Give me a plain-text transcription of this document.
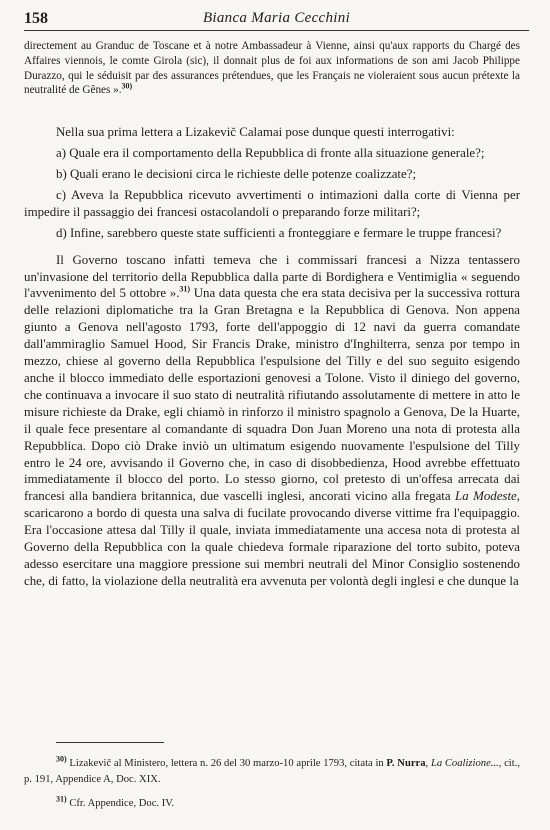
158	Bianca Maria Cecchini

directement au Granduc de Toscane et à notre Ambassadeur à Vienne, ainsi qu'aux rapports du Chargé des Affaires viennois, le comte Girola (sic), il donnait plus de foi aux informations de son ami Jacob Philippe Durazzo, qui le séduisit par des assurances prétendues, que les Français ne violeraient sous aucun prétexte la neutralité de Gênes ».$^{30)}$

Nella sua prima lettera a Lizakevič Calamai pose dunque questi interrogativi:

a) Quale era il comportamento della Repubblica di fronte alla situazione generale?;

b) Quali erano le decisioni circa le richieste delle potenze coalizzate?;

c) Aveva la Repubblica ricevuto avvertimenti o intimazioni dalla corte di Vienna per impedire il passaggio dei francesi ostacolandoli o preparando forze militari?;

d) Infine, sarebbero queste state sufficienti a fronteggiare e fermare le truppe francesi?

Il Governo toscano infatti temeva che i commissari francesi a Nizza tentassero un'invasione del territorio della Repubblica dalla parte di Bordighera e Ventimiglia « seguendo l'avvenimento del 5 ottobre ».$^{31)}$ Una data questa che era stata decisiva per la successiva rottura delle relazioni diplomatiche tra la Gran Bretagna e la Repubblica di Genova. Non appena giunto a Genova nell'agosto 1793, forte dell'appoggio di 12 navi da guerra comandate dall'ammiraglio Samuel Hood, Sir Francis Drake, ministro d'Inghilterra, senza por tempo in mezzo, chiese al governo della Repubblica l'espulsione del Tilly e del suo seguito esigendo anche il blocco immediato delle esportazioni genovesi a Tolone. Visto il diniego del governo, che continuava a invocare il suo stato di neutralità rifiutando assolutamente di mettere in atto le misure richieste da Drake, egli chiamò in rinforzo il ministro spagnolo a Genova, De la Huarte, il quale fece presentare al comandante di squadra Don Juan Moreno una nota di protesta alla Repubblica. Dopo ciò Drake inviò un ultimatum esigendo nuovamente l'espulsione del Tilly entro le 24 ore, avvisando il Governo che, in caso di disobbedienza, Hood avrebbe effettuato immediatamente il blocco del porto. Lo stesso giorno, col pretesto di un'offesa arrecata dai francesi alla bandiera britannica, due vascelli inglesi, ancorati vicino alla fregata La Modeste, scaricarono a bordo di questa una salva di fucilate provocando diverse vittime fra l'equipaggio. Era l'occasione attesa dal Tilly il quale, inviata immediatamente una accesa nota di protesta al Governo della Repubblica con la quale chiedeva formale riparazione del torto subito, poteva adesso esercitare una maggiore pressione sui membri neutrali del Minor Consiglio sostenendo che, di fatto, la violazione della neutralità era avvenuta per volontà degli inglesi e che dunque la

$^{30)}$ Lizakevič al Ministero, lettera n. 26 del 30 marzo-10 aprile 1793, citata in P. Nurra, La Coalizione..., cit., p. 191, Appendice A, Doc. XIX.

$^{31)}$ Cfr. Appendice, Doc. IV.
